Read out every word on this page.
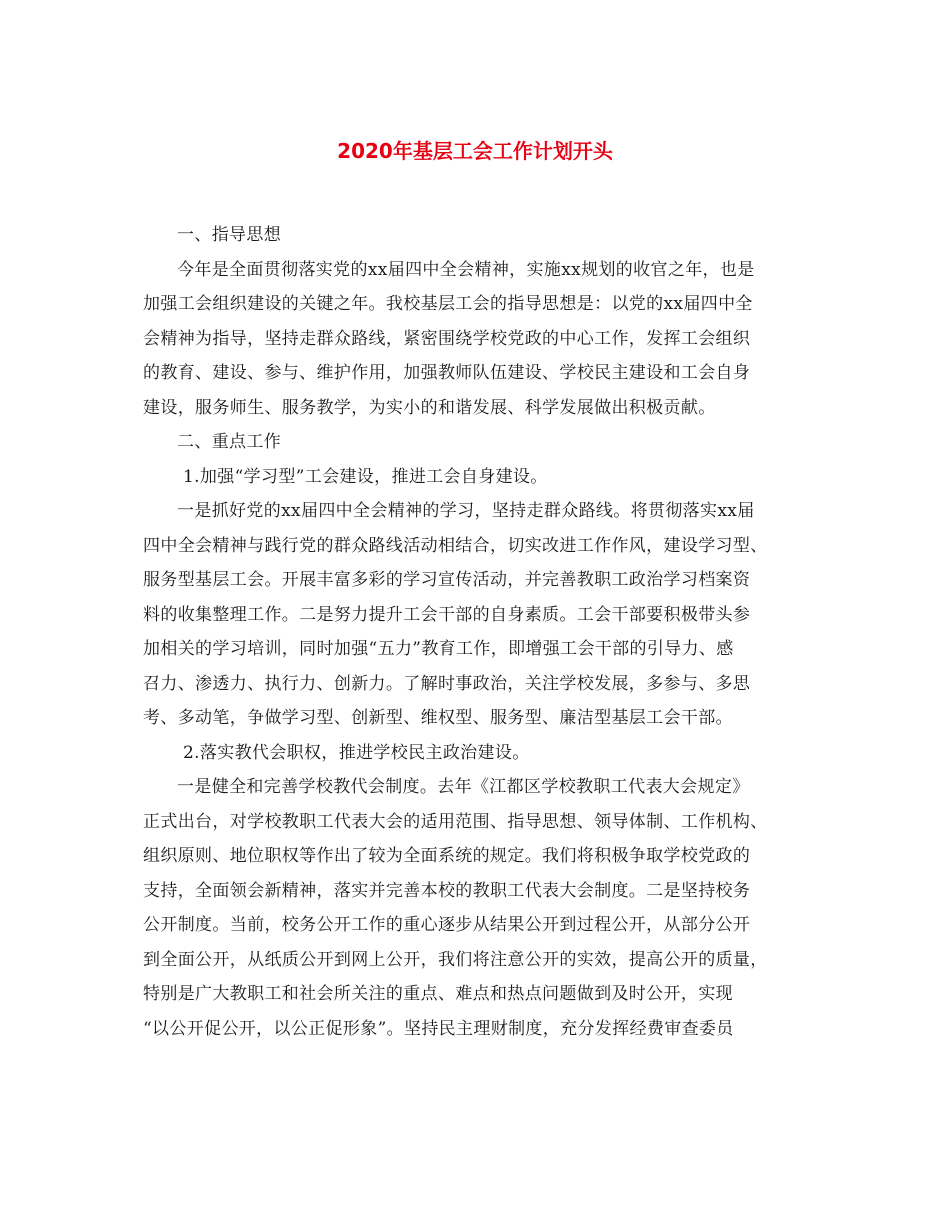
2020年基层工会工作计划开头
一、指导思想
今年是全面贯彻落实党的xx届四中全会精神，实施xx规划的收官之年，也是
加强工会组织建设的关键之年。我校基层工会的指导思想是：以党的xx届四中全
会精神为指导，坚持走群众路线，紧密围绕学校党政的中心工作，发挥工会组织
的教育、建设、参与、维护作用，加强教师队伍建设、学校民主建设和工会自身
建设，服务师生、服务教学，为实小的和谐发展、科学发展做出积极贡献。
二、重点工作
1.加强“学习型”工会建设，推进工会自身建设。
一是抓好党的xx届四中全会精神的学习，坚持走群众路线。将贯彻落实xx届
四中全会精神与践行党的群众路线活动相结合，切实改进工作作风，建设学习型、
服务型基层工会。开展丰富多彩的学习宣传活动，并完善教职工政治学习档案资
料的收集整理工作。二是努力提升工会干部的自身素质。工会干部要积极带头参
加相关的学习培训，同时加强“五力”教育工作，即增强工会干部的引导力、感
召力、渗透力、执行力、创新力。了解时事政治，关注学校发展，多参与、多思
考、多动笔，争做学习型、创新型、维权型、服务型、廉洁型基层工会干部。
2.落实教代会职权，推进学校民主政治建设。
一是健全和完善学校教代会制度。去年《江都区学校教职工代表大会规定》
正式出台，对学校教职工代表大会的适用范围、指导思想、领导体制、工作机构、
组织原则、地位职权等作出了较为全面系统的规定。我们将积极争取学校党政的
支持，全面领会新精神，落实并完善本校的教职工代表大会制度。二是坚持校务
公开制度。当前，校务公开工作的重心逐步从结果公开到过程公开，从部分公开
到全面公开，从纸质公开到网上公开，我们将注意公开的实效，提高公开的质量，
特别是广大教职工和社会所关注的重点、难点和热点问题做到及时公开，实现
“以公开促公开，以公正促形象”。坚持民主理财制度，充分发挥经费审查委员
